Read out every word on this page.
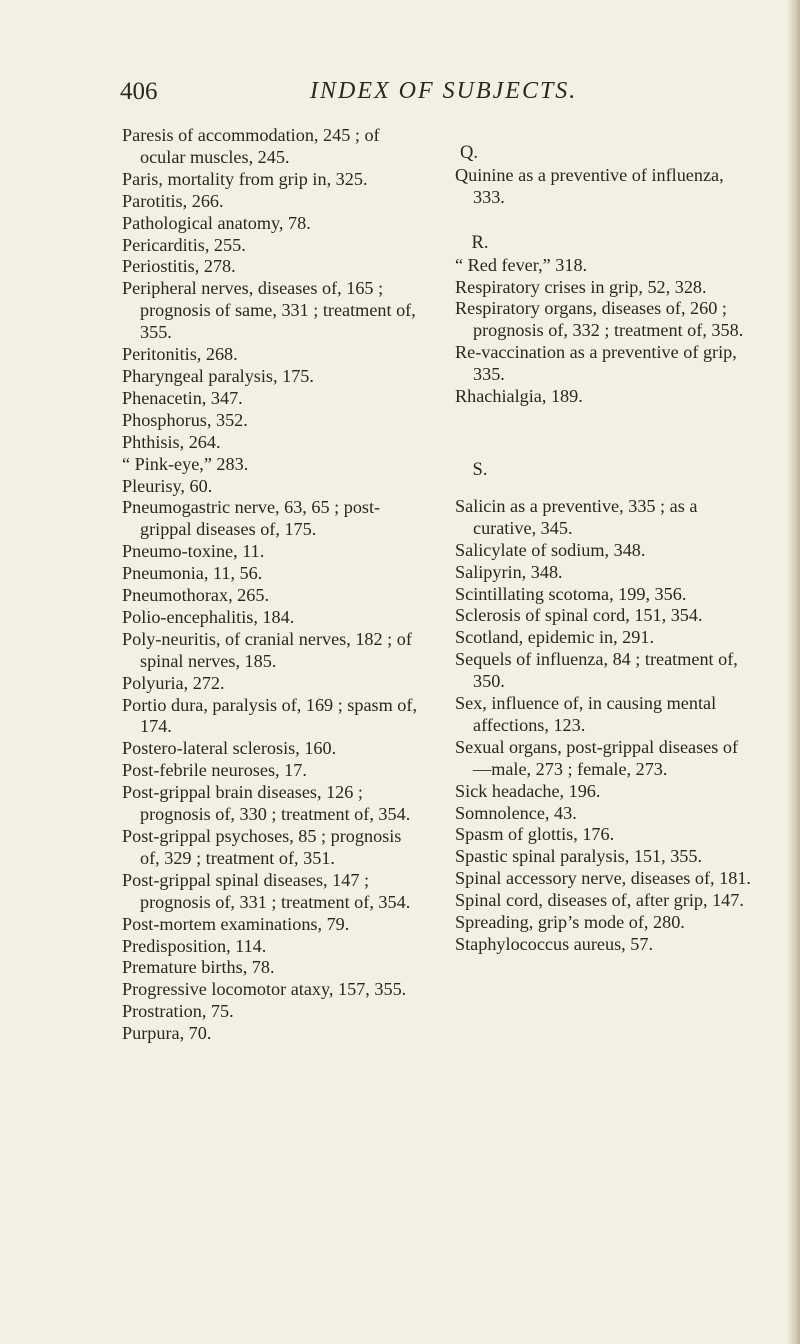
406	INDEX OF SUBJECTS.

Paresis of accommodation, 245 ; of ocular muscles, 245.

Paris, mortality from grip in, 325.

Parotitis, 266.

Pathological anatomy, 78.

Pericarditis, 255.

Periostitis, 278.

Peripheral nerves, diseases of, 165 ; prognosis of same, 331 ; treatment of, 355.

Peritonitis, 268.

Pharyngeal paralysis, 175.

Phenacetin, 347.

Phosphorus, 352.

Phthisis, 264.

“ Pink-eye,” 283.

Pleurisy, 60.

Pneumogastric nerve, 63, 65 ; post-grippal diseases of, 175.

Pneumo-toxine, 11.

Pneumonia, 11, 56.

Pneumothorax, 265.

Polio-encephalitis, 184.

Poly-neuritis, of cranial nerves, 182 ; of spinal nerves, 185.

Polyuria, 272.

Portio dura, paralysis of, 169 ; spasm of, 174.

Postero-lateral sclerosis, 160.

Post-febrile neuroses, 17.

Post-grippal brain diseases, 126 ; prognosis of, 330 ; treatment of, 354.

Post-grippal psychoses, 85 ; prognosis of, 329 ; treatment of, 351.

Post-grippal spinal diseases, 147 ; prognosis of, 331 ; treatment of, 354.

Post-mortem examinations, 79.

Predisposition, 114.

Premature births, 78.

Progressive locomotor ataxy, 157, 355.

Prostration, 75.

Purpura, 70.

Q.

Quinine as a preventive of influenza, 333.

R.

“ Red fever,” 318.

Respiratory crises in grip, 52, 328.

Respiratory organs, diseases of, 260 ; prognosis of, 332 ; treatment of, 358.

Re-vaccination as a preventive of grip, 335.

Rhachialgia, 189.

S.

Salicin as a preventive, 335 ; as a curative, 345.

Salicylate of sodium, 348.

Salipyrin, 348.

Scintillating scotoma, 199, 356.

Sclerosis of spinal cord, 151, 354.

Scotland, epidemic in, 291.

Sequels of influenza, 84 ; treatment of, 350.

Sex, influence of, in causing mental affections, 123.

Sexual organs, post-grippal diseases of—male, 273 ; female, 273.

Sick headache, 196.

Somnolence, 43.

Spasm of glottis, 176.

Spastic spinal paralysis, 151, 355.

Spinal accessory nerve, diseases of, 181.

Spinal cord, diseases of, after grip, 147.

Spreading, grip’s mode of, 280.

Staphylococcus aureus, 57.
